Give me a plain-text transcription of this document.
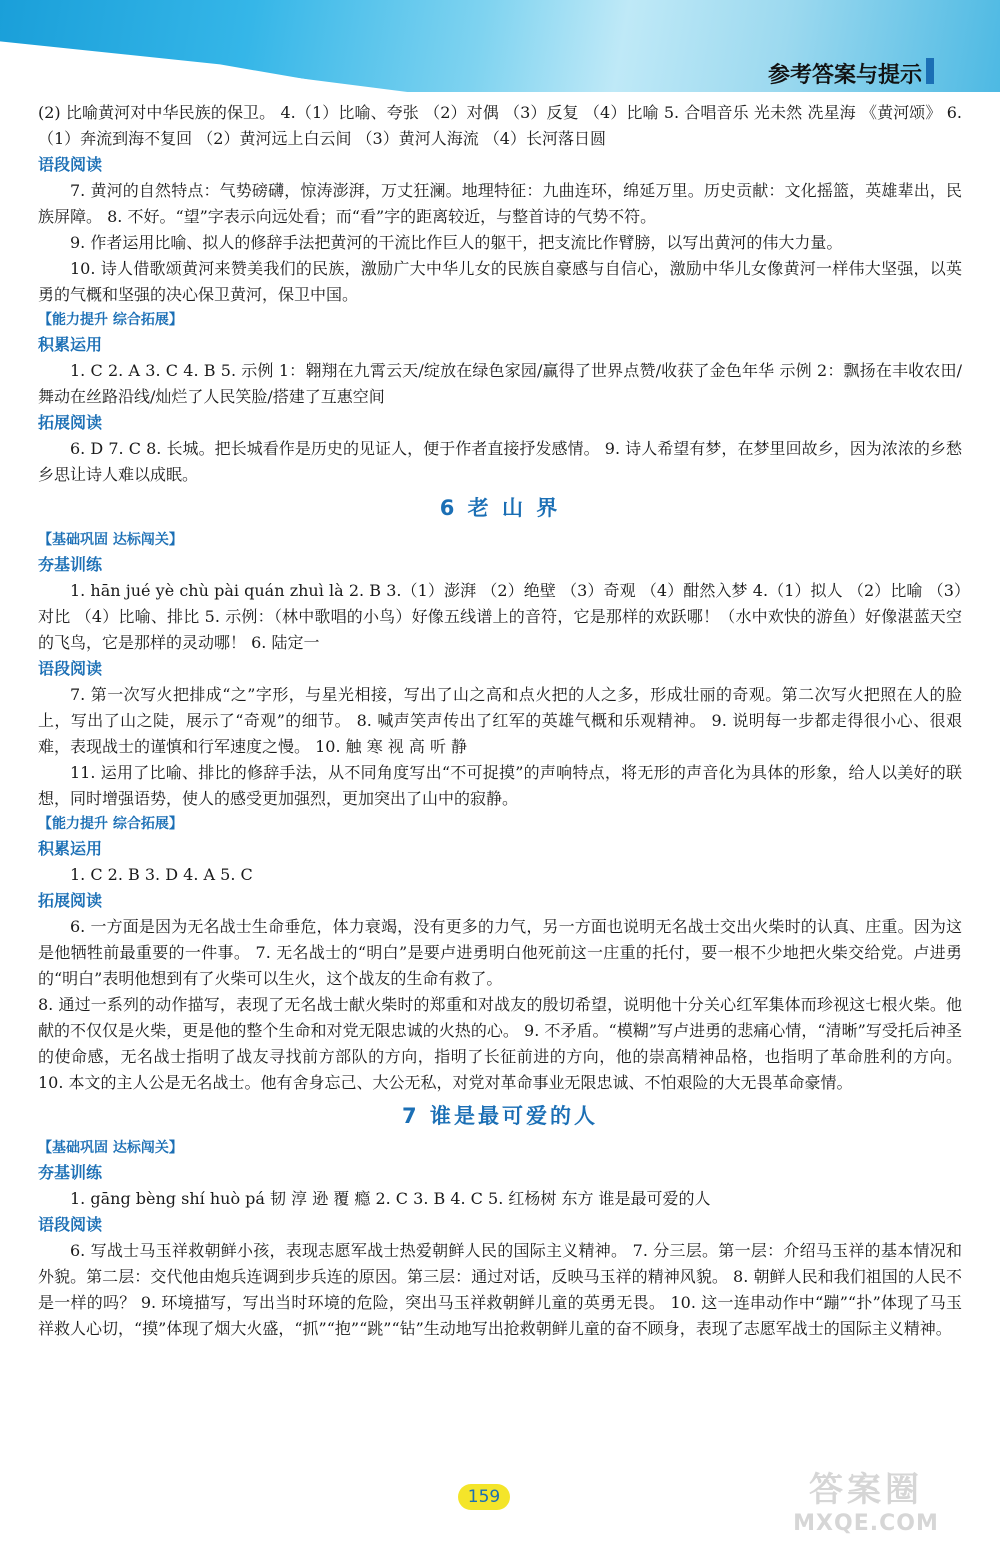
参考答案与提示
(2) 比喻黄河对中华民族的保卫。 4.（1）比喻、夸张 （2）对偶 （3）反复 （4）比喻 5. 合唱音乐 光未然 冼星海 《黄河颂》 6.（1）奔流到海不复回 （2）黄河远上白云间 （3）黄河人海流 （4）长河落日圆
语段阅读
7. 黄河的自然特点：气势磅礴，惊涛澎湃，万丈狂澜。地理特征：九曲连环，绵延万里。历史贡献：文化摇篮，英雄辈出，民族屏障。 8. 不好。“望”字表示向远处看；而“看”字的距离较近，与整首诗的气势不符。
9. 作者运用比喻、拟人的修辞手法把黄河的干流比作巨人的躯干，把支流比作臂膀，以写出黄河的伟大力量。
10. 诗人借歌颂黄河来赞美我们的民族，激励广大中华儿女的民族自豪感与自信心，激励中华儿女像黄河一样伟大坚强，以英勇的气概和坚强的决心保卫黄河，保卫中国。
【能力提升 综合拓展】
积累运用
1. C 2. A 3. C 4. B 5. 示例 1：翱翔在九霄云天/绽放在绿色家园/赢得了世界点赞/收获了金色年华 示例 2：飘扬在丰收农田/舞动在丝路沿线/灿烂了人民笑脸/搭建了互惠空间
拓展阅读
6. D 7. C 8. 长城。把长城看作是历史的见证人，便于作者直接抒发感情。 9. 诗人希望有梦，在梦里回故乡，因为浓浓的乡愁乡思让诗人难以成眠。
6 老 山 界
【基础巩固 达标闯关】
夯基训练
1. hān jué yè chù pài quán zhuì là 2. B 3.（1）澎湃 （2）绝壁 （3）奇观 （4）酣然入梦 4.（1）拟人 （2）比喻 （3）对比 （4）比喻、排比 5. 示例：（林中歌唱的小鸟）好像五线谱上的音符，它是那样的欢跃哪！（水中欢快的游鱼）好像湛蓝天空的飞鸟，它是那样的灵动哪！ 6. 陆定一
语段阅读
7. 第一次写火把排成“之”字形，与星光相接，写出了山之高和点火把的人之多，形成壮丽的奇观。第二次写火把照在人的脸上，写出了山之陡，展示了“奇观”的细节。 8. 喊声笑声传出了红军的英雄气概和乐观精神。 9. 说明每一步都走得很小心、很艰难，表现战士的谨慎和行军速度之慢。 10. 触 寒 视 高 听 静
11. 运用了比喻、排比的修辞手法，从不同角度写出“不可捉摸”的声响特点，将无形的声音化为具体的形象，给人以美好的联想，同时增强语势，使人的感受更加强烈，更加突出了山中的寂静。
【能力提升 综合拓展】
积累运用
1. C 2. B 3. D 4. A 5. C
拓展阅读
6. 一方面是因为无名战士生命垂危，体力衰竭，没有更多的力气，另一方面也说明无名战士交出火柴时的认真、庄重。因为这是他牺牲前最重要的一件事。 7. 无名战士的“明白”是要卢进勇明白他死前这一庄重的托付，要一根不少地把火柴交给党。卢进勇的“明白”表明他想到有了火柴可以生火，这个战友的生命有救了。
8. 通过一系列的动作描写，表现了无名战士献火柴时的郑重和对战友的殷切希望，说明他十分关心红军集体而珍视这七根火柴。他献的不仅仅是火柴，更是他的整个生命和对党无限忠诚的火热的心。 9. 不矛盾。“模糊”写卢进勇的悲痛心情，“清晰”写受托后神圣的使命感，无名战士指明了战友寻找前方部队的方向，指明了长征前进的方向，他的崇高精神品格，也指明了革命胜利的方向。 10. 本文的主人公是无名战士。他有舍身忘己、大公无私，对党对革命事业无限忠诚、不怕艰险的大无畏革命豪情。
7 谁是最可爱的人
【基础巩固 达标闯关】
夯基训练
1. gāng bèng shí huò pá 韧 淳 逊 覆 瘾 2. C 3. B 4. C 5. 红杨树 东方 谁是最可爱的人
语段阅读
6. 写战士马玉祥救朝鲜小孩，表现志愿军战士热爱朝鲜人民的国际主义精神。 7. 分三层。第一层：介绍马玉祥的基本情况和外貌。第二层：交代他由炮兵连调到步兵连的原因。第三层：通过对话，反映马玉祥的精神风貌。 8. 朝鲜人民和我们祖国的人民不是一样的吗？ 9. 环境描写，写出当时环境的危险，突出马玉祥救朝鲜儿童的英勇无畏。 10. 这一连串动作中“蹦”“扑”体现了马玉祥救人心切，“摸”体现了烟大火盛，“抓”“抱”“跳”“钻”生动地写出抢救朝鲜儿童的奋不顾身，表现了志愿军战士的国际主义精神。
159	答案圈
MXQE.COM
